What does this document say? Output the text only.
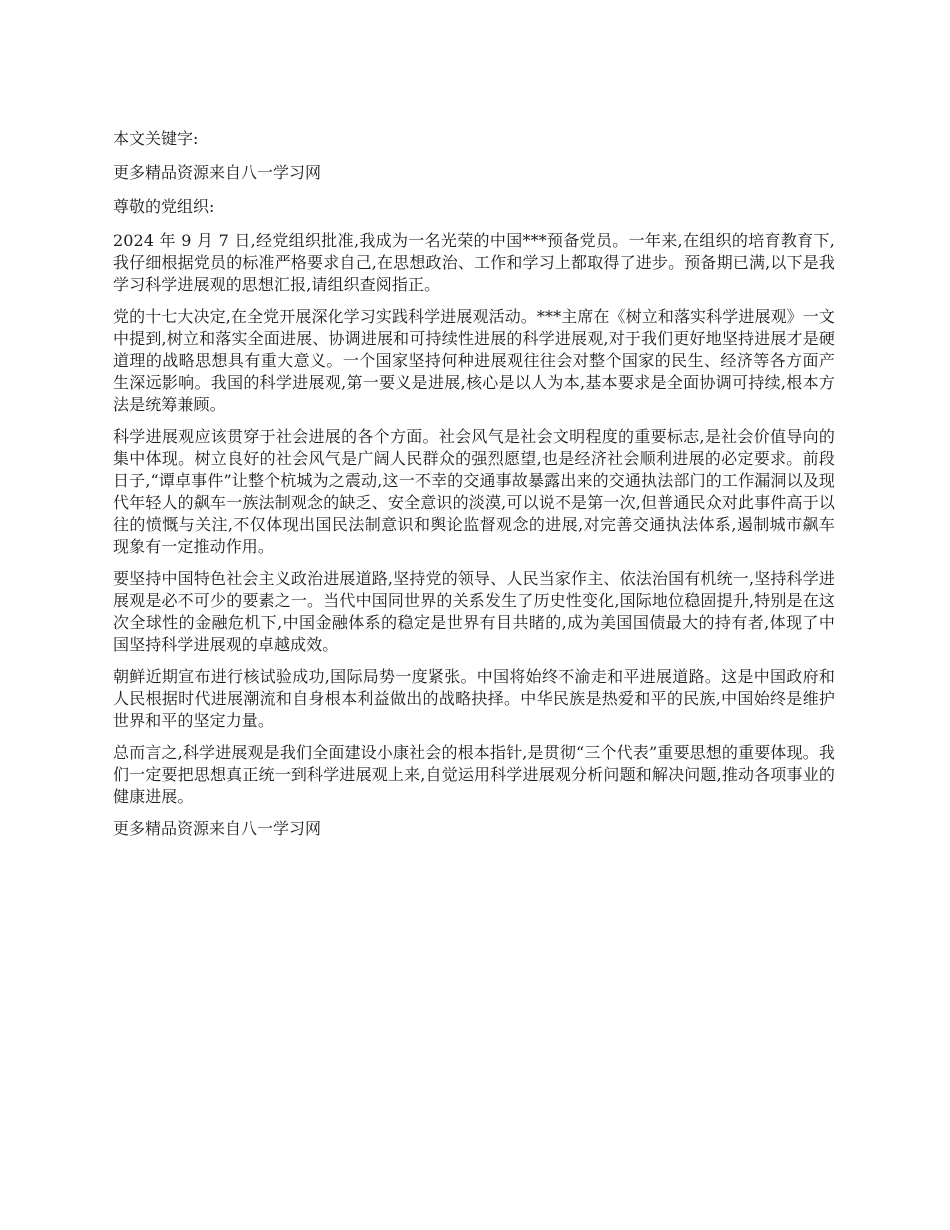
本文关键字:

更多精品资源来自八一学习网

尊敬的党组织:

2024 年 9 月 7 日,经党组织批准,我成为一名光荣的中国***预备党员。一年来,在组织的培育教育下,我仔细根据党员的标准严格要求自己,在思想政治、工作和学习上都取得了进步。预备期已满,以下是我学习科学进展观的思想汇报,请组织查阅指正。

党的十七大决定,在全党开展深化学习实践科学进展观活动。***主席在《树立和落实科学进展观》一文中提到,树立和落实全面进展、协调进展和可持续性进展的科学进展观,对于我们更好地坚持进展才是硬道理的战略思想具有重大意义。一个国家坚持何种进展观往往会对整个国家的民生、经济等各方面产生深远影响。我国的科学进展观,第一要义是进展,核心是以人为本,基本要求是全面协调可持续,根本方法是统筹兼顾。

科学进展观应该贯穿于社会进展的各个方面。社会风气是社会文明程度的重要标志,是社会价值导向的集中体现。树立良好的社会风气是广阔人民群众的强烈愿望,也是经济社会顺利进展的必定要求。前段日子,“谭卓事件”让整个杭城为之震动,这一不幸的交通事故暴露出来的交通执法部门的工作漏洞以及现代年轻人的飙车一族法制观念的缺乏、安全意识的淡漠,可以说不是第一次,但普通民众对此事件高于以往的愤慨与关注,不仅体现出国民法制意识和舆论监督观念的进展,对完善交通执法体系,遏制城市飙车现象有一定推动作用。

要坚持中国特色社会主义政治进展道路,坚持党的领导、人民当家作主、依法治国有机统一,坚持科学进展观是必不可少的要素之一。当代中国同世界的关系发生了历史性变化,国际地位稳固提升,特别是在这次全球性的金融危机下,中国金融体系的稳定是世界有目共睹的,成为美国国债最大的持有者,体现了中国坚持科学进展观的卓越成效。

朝鲜近期宣布进行核试验成功,国际局势一度紧张。中国将始终不渝走和平进展道路。这是中国政府和人民根据时代进展潮流和自身根本利益做出的战略抉择。中华民族是热爱和平的民族,中国始终是维护世界和平的坚定力量。

总而言之,科学进展观是我们全面建设小康社会的根本指针,是贯彻“三个代表”重要思想的重要体现。我们一定要把思想真正统一到科学进展观上来,自觉运用科学进展观分析问题和解决问题,推动各项事业的健康进展。

更多精品资源来自八一学习网
